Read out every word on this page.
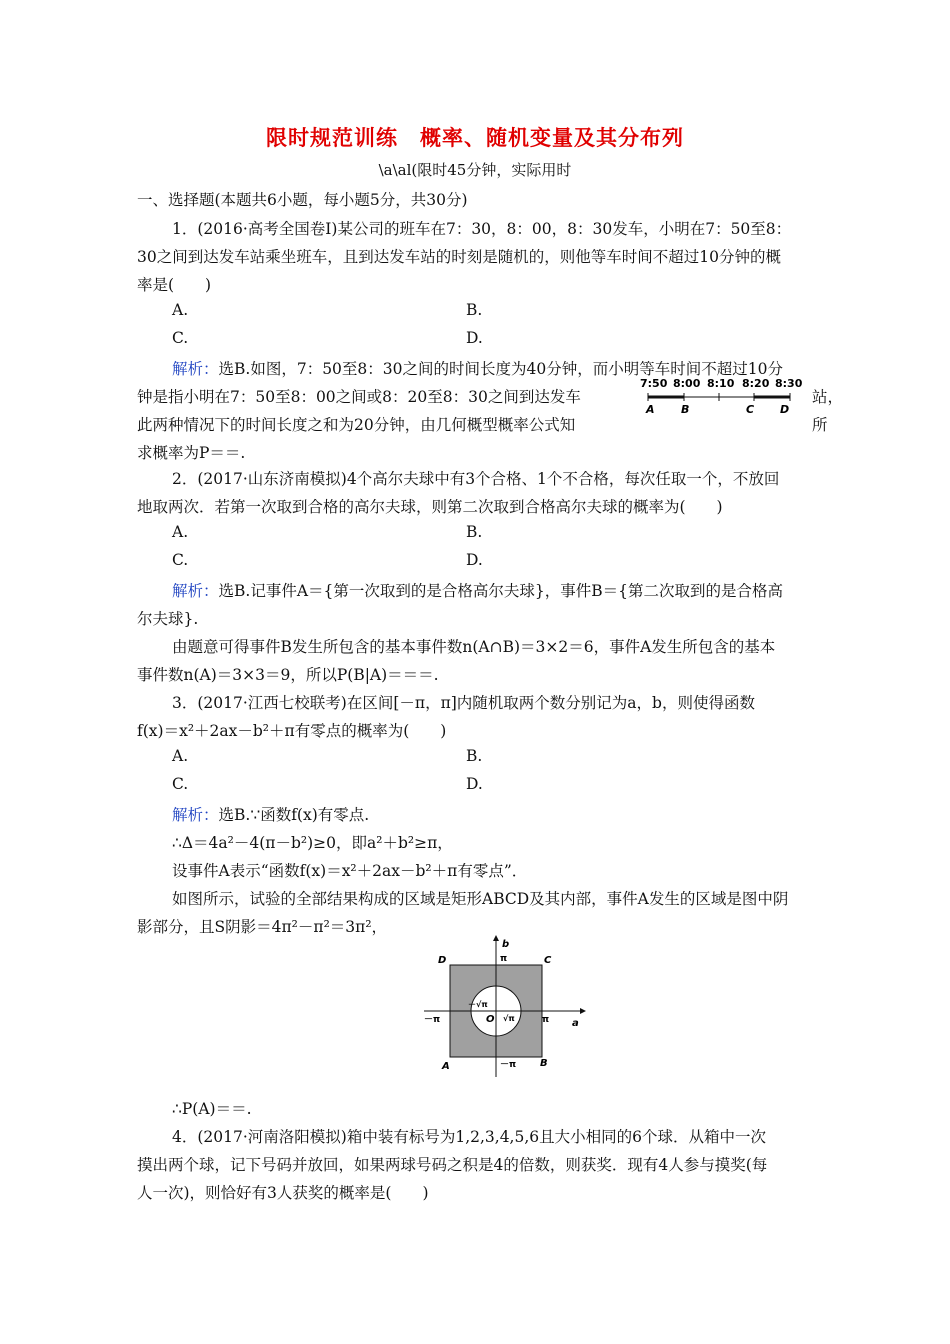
限时规范训练　概率、随机变量及其分布列
\a\al(限时45分钟，实际用时
一、选择题(本题共6小题，每小题5分，共30分)
1．(2016·高考全国卷Ⅰ)某公司的班车在7：30，8：00，8：30发车，小明在7：50至8：
30之间到达发车站乘坐班车，且到达发车站的时刻是随机的，则他等车时间不超过10分钟的概
率是(　　)
A.	B.
C.	D.
解析：选B.如图，7：50至8：30之间的时间长度为40分钟，而小明等车时间不超过10分
钟是指小明在7：50至8：00之间或8：20至8：30之间到达发车	站，
此两种情况下的时间长度之和为20分钟，由几何概型概率公式知	所
求概率为P＝＝.
7:50 8:00 8:10 8:20 8:30
A B	C D
2．(2017·山东济南模拟)4个高尔夫球中有3个合格、1个不合格，每次任取一个，不放回
地取两次．若第一次取到合格的高尔夫球，则第二次取到合格高尔夫球的概率为(　　)
A.	B.
C.	D.
解析：选B.记事件A＝{第一次取到的是合格高尔夫球}，事件B＝{第二次取到的是合格高
尔夫球}.
由题意可得事件B发生所包含的基本事件数n(A∩B)＝3×2＝6，事件A发生所包含的基本
事件数n(A)＝3×3＝9，所以P(B|A)＝＝＝.
3．(2017·江西七校联考)在区间[－π，π]内随机取两个数分别记为a，b，则使得函数
f(x)＝x²＋2ax－b²＋π有零点的概率为(　　)
A.	B.
C.	D.
解析：选B.∵函数f(x)有零点.
∴Δ＝4a²－4(π－b²)≥0，即a²＋b²≥π，
设事件A表示“函数f(x)＝x²＋2ax－b²＋π有零点”．
如图所示，试验的全部结果构成的区域是矩形ABCD及其内部，事件A发生的区域是图中阴
影部分，且S阴影＝4π²－π²＝3π²，
b
a
D	C
A	B
O
π
π
－π
－π
－√π
√π
∴P(A)＝＝.
4．(2017·河南洛阳模拟)箱中装有标号为1,2,3,4,5,6且大小相同的6个球．从箱中一次
摸出两个球，记下号码并放回，如果两球号码之积是4的倍数，则获奖．现有4人参与摸奖(每
人一次)，则恰好有3人获奖的概率是(　　)
